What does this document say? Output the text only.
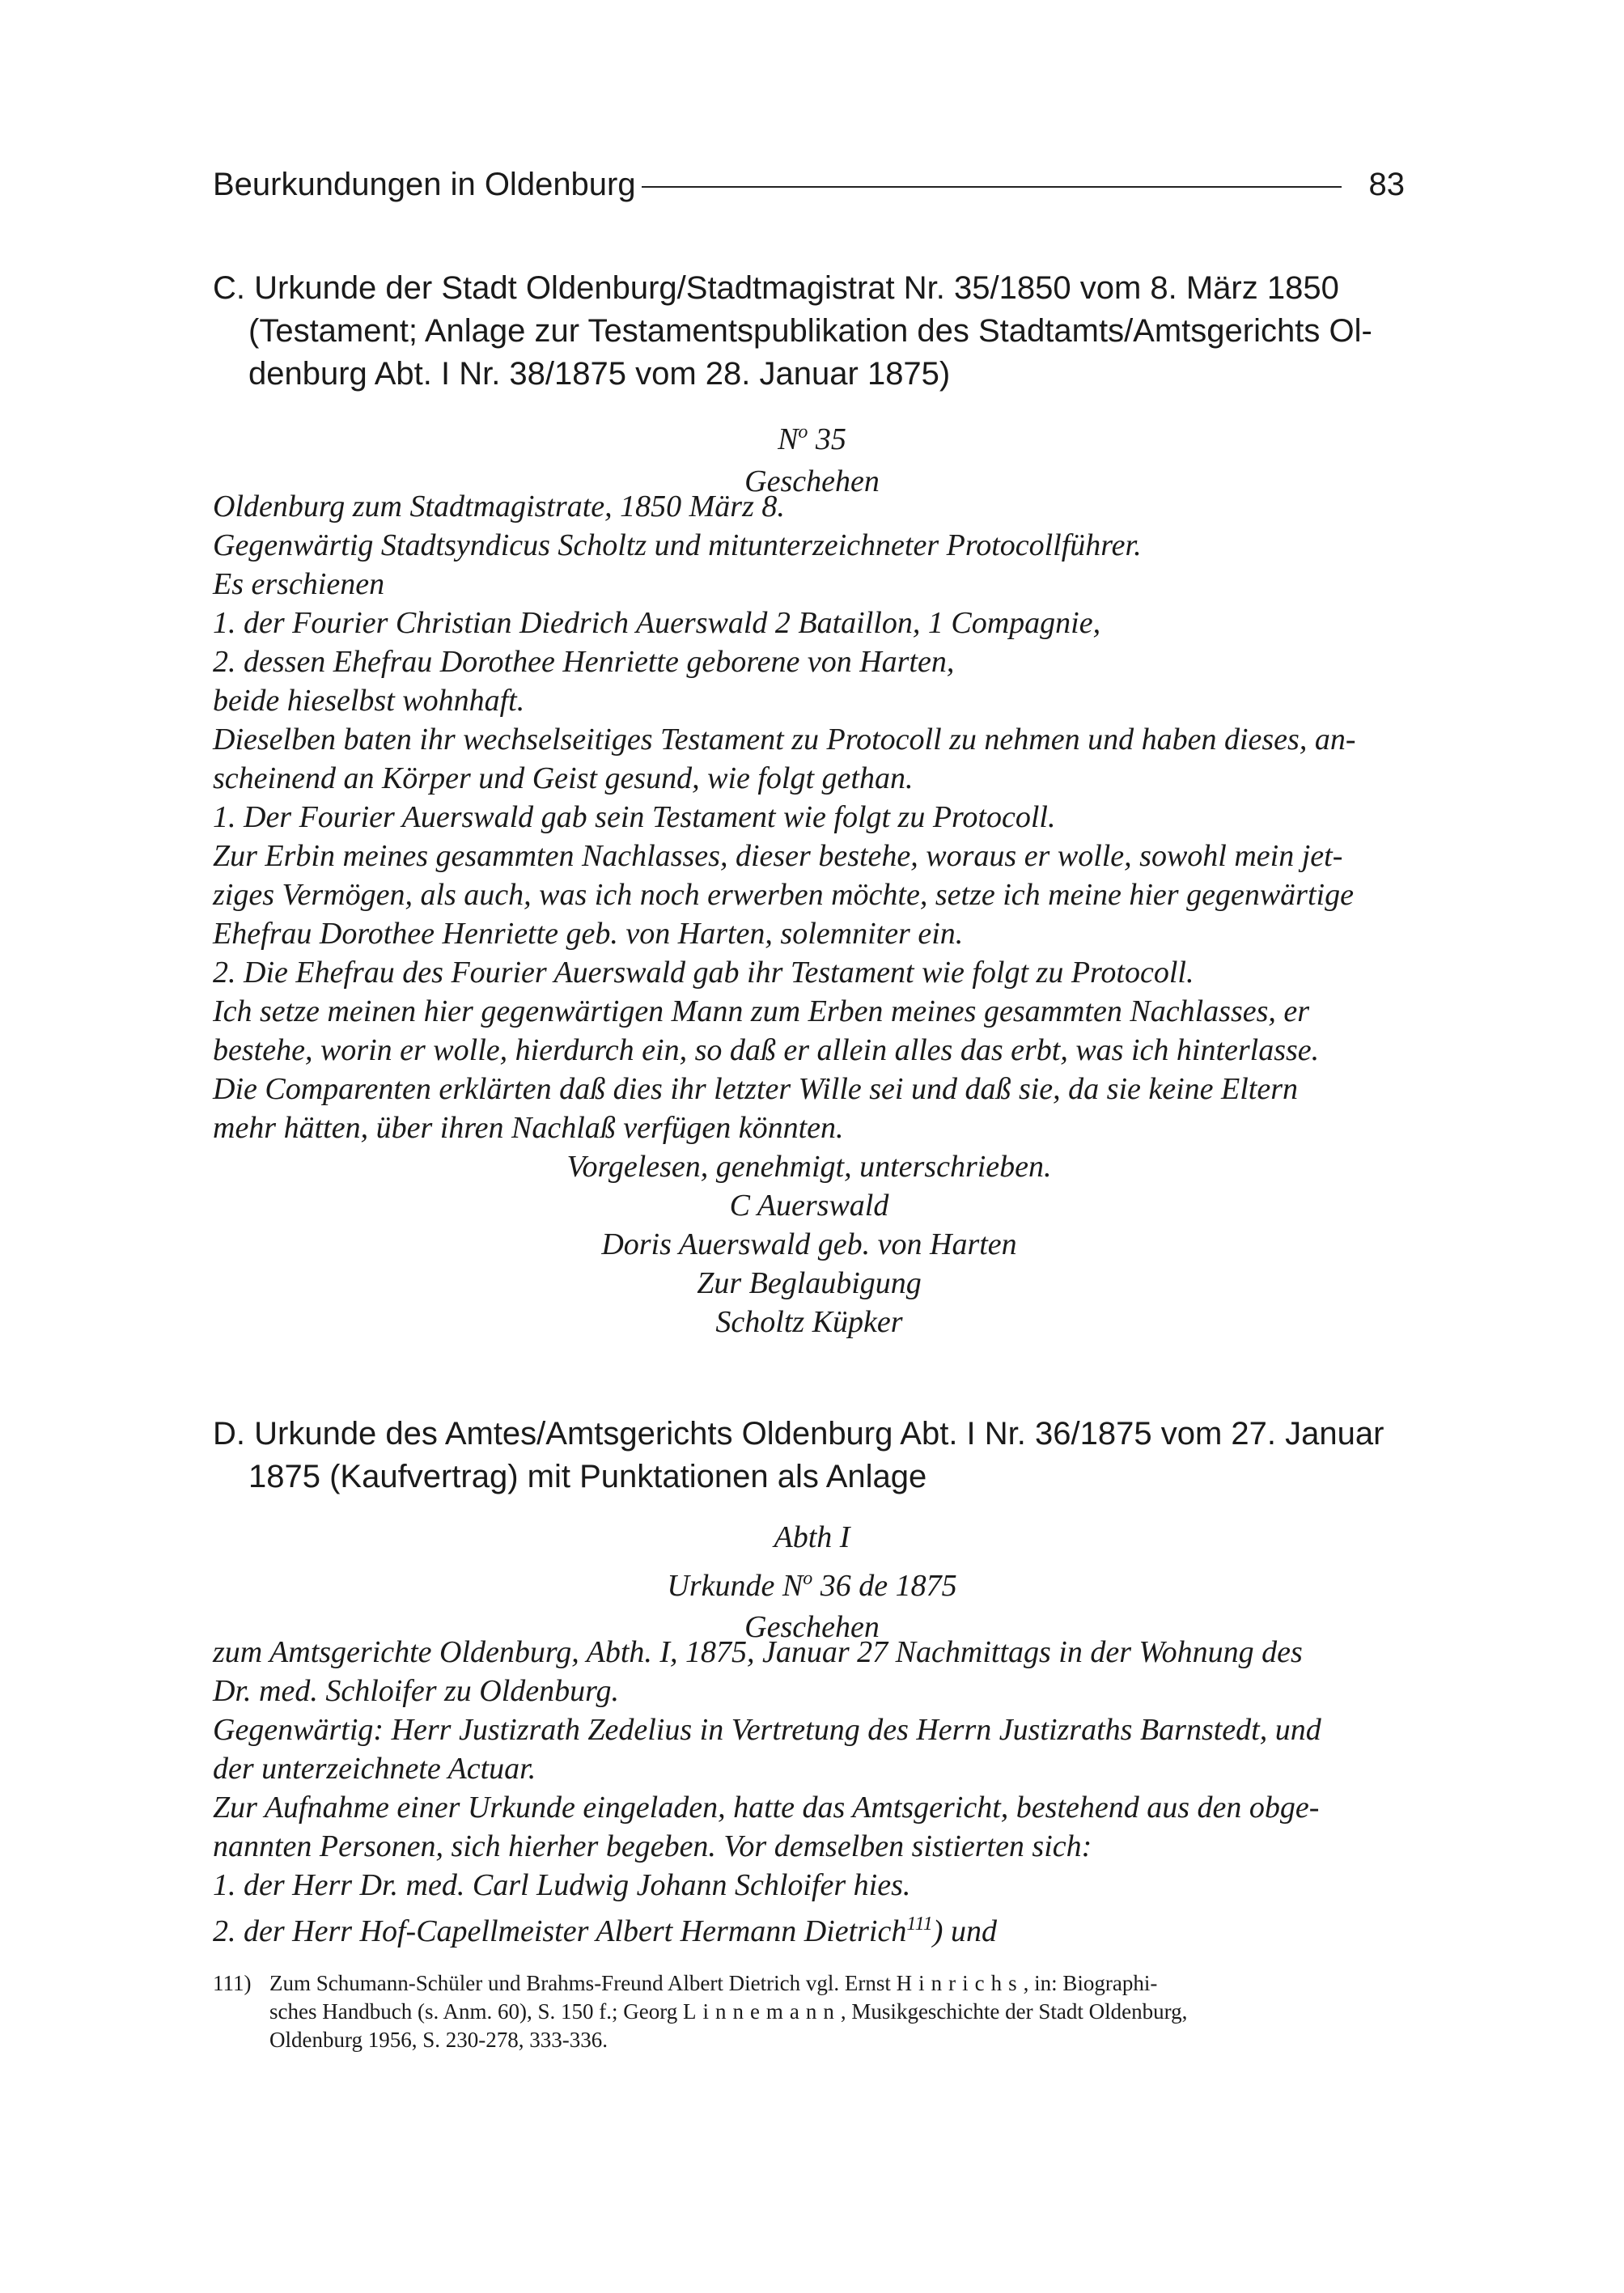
Beurkundungen in Oldenburg	83

C. Urkunde der Stadt Oldenburg/Stadtmagistrat Nr. 35/1850 vom 8. März 1850

(Testament; Anlage zur Testamentspublikation des Stadtamts/Amtsgerichts Ol-

denburg Abt. I Nr. 38/1875 vom 28. Januar 1875)

$N^o$ 35

Geschehen

Oldenburg zum Stadtmagistrate, 1850 März 8.

Gegenwärtig Stadtsyndicus Scholtz und mitunterzeichneter Protocollführer.

Es erschienen

1. der Fourier Christian Diedrich Auerswald 2 Bataillon, 1 Compagnie,

2. dessen Ehefrau Dorothee Henriette geborene von Harten,

beide hieselbst wohnhaft.

Dieselben baten ihr wechselseitiges Testament zu Protocoll zu nehmen und haben dieses, an-

scheinend an Körper und Geist gesund, wie folgt gethan.

1. Der Fourier Auerswald gab sein Testament wie folgt zu Protocoll.

Zur Erbin meines gesammten Nachlasses, dieser bestehe, woraus er wolle, sowohl mein jet-

ziges Vermögen, als auch, was ich noch erwerben möchte, setze ich meine hier gegenwärtige

Ehefrau Dorothee Henriette geb. von Harten, solemniter ein.

2. Die Ehefrau des Fourier Auerswald gab ihr Testament wie folgt zu Protocoll.

Ich setze meinen hier gegenwärtigen Mann zum Erben meines gesammten Nachlasses, er

bestehe, worin er wolle, hierdurch ein, so daß er allein alles das erbt, was ich hinterlasse.

Die Comparenten erklärten daß dies ihr letzter Wille sei und daß sie, da sie keine Eltern

mehr hätten, über ihren Nachlaß verfügen könnten.

Vorgelesen, genehmigt, unterschrieben.

C Auerswald

Doris Auerswald geb. von Harten

Zur Beglaubigung

Scholtz Küpker

D. Urkunde des Amtes/Amtsgerichts Oldenburg Abt. I Nr. 36/1875 vom 27. Januar

1875 (Kaufvertrag) mit Punktationen als Anlage

Abth I

Urkunde $N^o$ 36 de 1875

Geschehen

zum Amtsgerichte Oldenburg, Abth. I, 1875, Januar 27 Nachmittags in der Wohnung des

Dr. med. Schloifer zu Oldenburg.

Gegenwärtig: Herr Justizrath Zedelius in Vertretung des Herrn Justizraths Barnstedt, und

der unterzeichnete Actuar.

Zur Aufnahme einer Urkunde eingeladen, hatte das Amtsgericht, bestehend aus den obge-

nannten Personen, sich hierher begeben. Vor demselben sistierten sich:

1. der Herr Dr. med. Carl Ludwig Johann Schloifer hies.

2. der Herr Hof-Capellmeister Albert Hermann Dietrich$^{111}$) und

111) Zum Schumann-Schüler und Brahms-Freund Albert Dietrich vgl. Ernst Hinrichs, in: Biographi-
sches Handbuch (s. Anm. 60), S. 150 f.; Georg Linnemann, Musikgeschichte der Stadt Oldenburg,
Oldenburg 1956, S. 230-278, 333-336.
